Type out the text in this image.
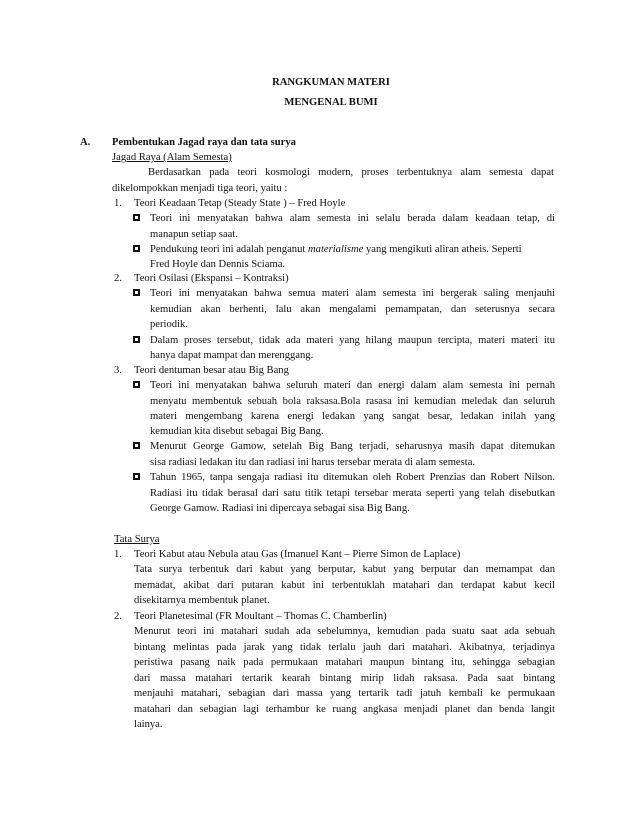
RANGKUMAN MATERI
MENGENAL BUMI
A. Pembentukan Jagad raya dan tata surya
Jagad Raya (Alam Semesta)
Berdasarkan pada teori kosmologi modern, proses terbentuknya alam semesta dapat
dikelompokkan menjadi tiga teori, yaitu :
1. Teori Keadaan Tetap (Steady State ) – Fred Hoyle
Teori ini menyatakan bahwa alam semesta ini selalu berada dalam keadaan tetap, di
manapun setiap saat.
Pendukung teori ini adalah penganut materialisme yang mengikuti aliran atheis. Seperti
Fred Hoyle dan Dennis Sciama.
2. Teori Osilasi (Ekspansi – Kontraksi)
Teori ini menyatakan bahwa semua materi alam semesta ini bergerak saling menjauhi
kemudian akan berhenti, lalu akan mengalami pemampatan, dan seterusnya secara
periodik.
Dalam proses tersebut, tidak ada materi yang hilang maupun tercipta, materi materi itu
hanya dapat mampat dan merenggang.
3. Teori dentuman besar atau Big Bang
Teori ini menyatakan bahwa seluruh materi dan energi dalam alam semesta ini pernah
menyatu membentuk sebuah bola raksasa.Bola rasasa ini kemudian meledak dan seluruh
materi mengembang karena energi ledakan yang sangat besar, ledakan inilah yang
kemudian kita disebut sebagai Big Bang.
Menurut George Gamow, setelah Big Bang terjadi, seharusnya masih dapat ditemukan
sisa radiasi ledakan itu dan radiasi ini harus tersebar merata di alam semesta.
Tahun 1965, tanpa sengaja radiasi itu ditemukan oleh Robert Prenzias dan Robert Nilson.
Radiasi itu tidak berasal dari satu titik tetapi tersebar merata seperti yang telah disebutkan
George Gamow. Radiasi ini dipercaya sebagai sisa Big Bang.
Tata Surya
1. Teori Kabut atau Nebula atau Gas (Imanuel Kant – Pierre Simon de Laplace)
Tata surya terbentuk dari kabut yang berputar, kabut yang berputar dan memampat dan
memadat, akibat dari putaran kabut ini terbentuklah matahari dan terdapat kabut kecil
disekitarnya membentuk planet.
2. Teori Planetesimal (FR Moultant – Thomas C. Chamberlin)
Menurut teori ini matahari sudah ada sebelumnya, kemudian pada suatu saat ada sebuah
bintang melintas pada jarak yang tidak terlalu jauh dari matahari. Akibatnya, terjadinya
peristiwa pasang naik pada permukaan matahari maupun bintang itu, sehingga sebagian
dari massa matahari tertarik kearah bintang mirip lidah raksasa. Pada saat bintang
menjauhi matahari, sebagian dari massa yang tertarik tadi jatuh kembali ke permukaan
matahari dan sebagian lagi terhambur ke ruang angkasa menjadi planet dan benda langit
lainya.
